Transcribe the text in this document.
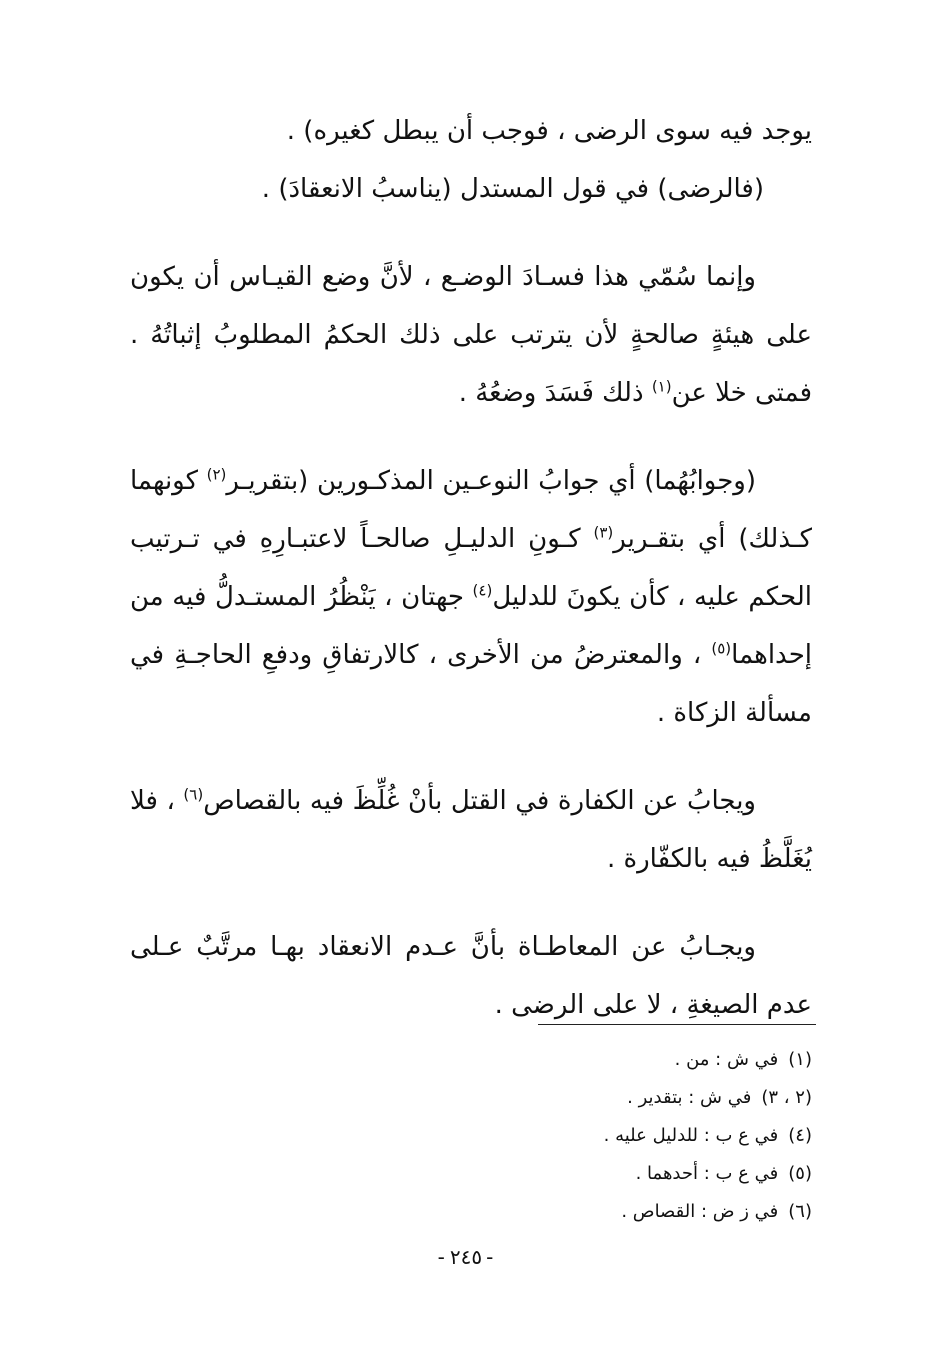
يوجد فيه سوى الرضى ، فوجب أن يبطل كغيره) .

(فالرضى) في قول المستدل (يناسبُ الانعقادَ) .

وإنما سُمّي هذا فسـادَ الوضـع ، لأنَّ وضع القيـاس أن يكون على هيئةٍ صالحةٍ لأن يترتب على ذلك الحكمُ المطلوبُ إثباتُهُ . فمتى خلا عن$^{(١)}$ ذلك فَسَدَ وضعُهُ .

(وجوابُهُما) أي جوابُ النوعـين المذكـورين (بتقريـر$^{(٢)}$ كونهما كـذلك) أي بتقـرير$^{(٣)}$ كـونِ الدليـلِ صالحـاً لاعتبـارِهِ في تـرتيب الحكم عليه ، كأن يكونَ للدليل$^{(٤)}$ جهتان ، يَنْظُرُ المستـدلُّ فيه من إحداهما$^{(٥)}$ ، والمعترضُ من الأخرى ، كالارتفاقِ ودفعِ الحاجـةِ في مسألة الزكاة .

ويجابُ عن الكفارة في القتل بأنْ غُلِّظَ فيه بالقصاص$^{(٦)}$ ، فلا يُغَلَّظُ فيه بالكفّارة .

ويجـابُ عن المعاطـاة بأنَّ عـدم الانعقاد بهـا مرتَّبٌ عـلى عدم الصيغةِ ، لا على الرضى .

(١)في ش : من .
(٢ ، ٣)في ش : بتقدير .
(٤)في ع ب : للدليل عليه .
(٥)في ع ب : أحدهما .
(٦)في ز ض : القصاص .
-٢٤٥-
